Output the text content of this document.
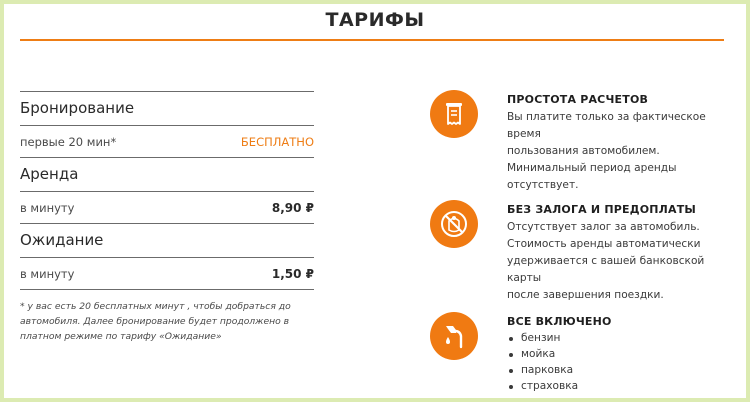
ТАРИФЫ
Бронирование
первые 20 мин*	БЕСПЛАТНО
Аренда
в минуту	8,90 ₽
Ожидание
в минуту	1,50 ₽
* у вас есть 20 бесплатных минут , чтобы добраться до автомобиля. Далее бронирование будет продолжено в платном режиме по тарифу «Ожидание»
ПРОСТОТА РАСЧЕТОВ
Вы платите только за фактическое время
пользования автомобилем.
Минимальный период аренды
отсутствует.
БЕЗ ЗАЛОГА И ПРЕДОПЛАТЫ
Отсутствует залог за автомобиль.
Стоимость аренды автоматически
удерживается с вашей банковской карты
после завершения поездки.
ВСЕ ВКЛЮЧЕНО
бензин
мойка
парковка
страховка
